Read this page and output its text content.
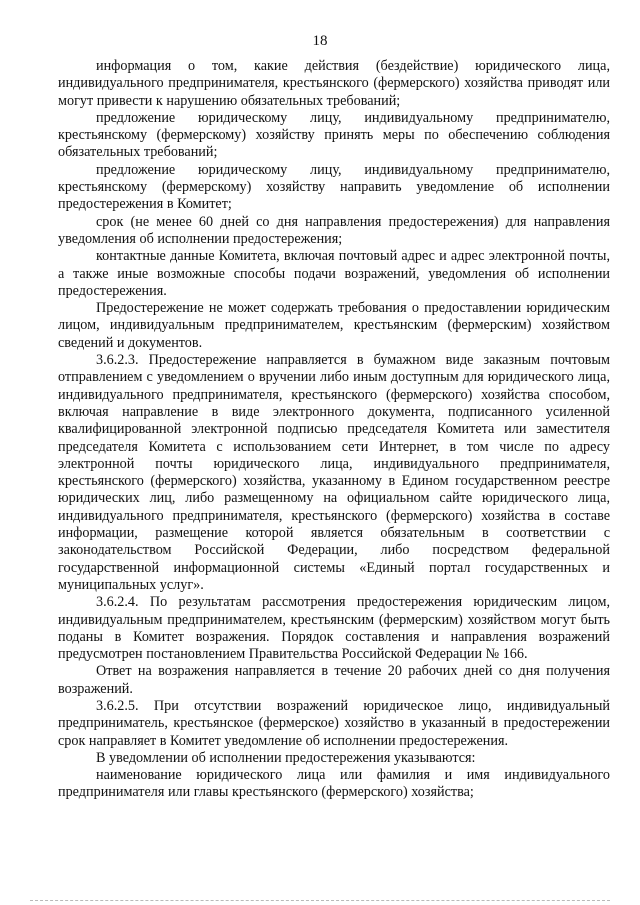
18

информация о том, какие действия (бездействие) юридического лица, индивидуального предпринимателя, крестьянского (фермерского) хозяйства приводят или могут привести к нарушению обязательных требований;

предложение юридическому лицу, индивидуальному предпринимателю, крестьянскому (фермерскому) хозяйству принять меры по обеспечению соблюдения обязательных требований;

предложение юридическому лицу, индивидуальному предпринимателю, крестьянскому (фермерскому) хозяйству направить уведомление об исполнении предостережения в Комитет;

срок (не менее 60 дней со дня направления предостережения) для направления уведомления об исполнении предостережения;

контактные данные Комитета, включая почтовый адрес и адрес электронной почты, а также иные возможные способы подачи возражений, уведомления об исполнении предостережения.

Предостережение не может содержать требования о предоставлении юридическим лицом, индивидуальным предпринимателем, крестьянским (фермерским) хозяйством сведений и документов.

3.6.2.3. Предостережение направляется в бумажном виде заказным почтовым отправлением с уведомлением о вручении либо иным доступным для юридического лица, индивидуального предпринимателя, крестьянского (фермерского) хозяйства способом, включая направление в виде электронного документа, подписанного усиленной квалифицированной электронной подписью председателя Комитета или заместителя председателя Комитета с использованием сети Интернет, в том числе по адресу электронной почты юридического лица, индивидуального предпринимателя, крестьянского (фермерского) хозяйства, указанному в Едином государственном реестре юридических лиц, либо размещенному на официальном сайте юридического лица, индивидуального предпринимателя, крестьянского (фермерского) хозяйства в составе информации, размещение которой является обязательным в соответствии с законодательством Российской Федерации, либо посредством федеральной государственной информационной системы «Единый портал государственных и муниципальных услуг».

3.6.2.4. По результатам рассмотрения предостережения юридическим лицом, индивидуальным предпринимателем, крестьянским (фермерским) хозяйством могут быть поданы в Комитет возражения. Порядок составления и направления возражений предусмотрен постановлением Правительства Российской Федерации № 166.

Ответ на возражения направляется в течение 20 рабочих дней со дня получения возражений.

3.6.2.5. При отсутствии возражений юридическое лицо, индивидуальный предприниматель, крестьянское (фермерское) хозяйство в указанный в предостережении срок направляет в Комитет уведомление об исполнении предостережения.

В уведомлении об исполнении предостережения указываются:

наименование юридического лица или фамилия и имя индивидуального предпринимателя или главы крестьянского (фермерского) хозяйства;
